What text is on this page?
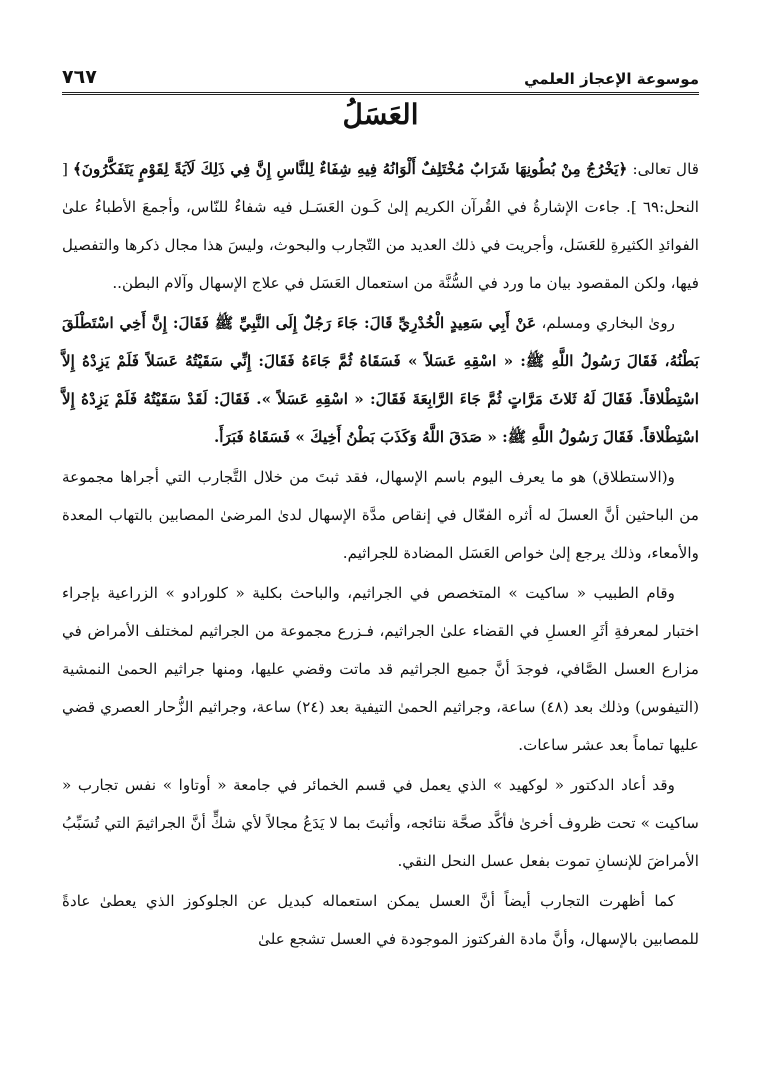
موسوعة الإعجاز العلمي
٧٦٧
العَسَلُ

قال تعالى: ﴿يَخْرُجُ مِنْ بُطُونِهَا شَرَابٌ مُخْتَلِفٌ أَلْوَانُهُ فِيهِ شِفَاءٌ لِلنَّاسِ إِنَّ فِي ذَلِكَ لَآيَةً لِقَوْمٍ يَتَفَكَّرُونَ﴾ [ النحل:٦٩ ]. جاءت الإشارةُ في القُرآن الكريم إلىٰ كَـون العَسَـل فيه شفاءٌ للنّاس، وأجمعَ الأطباءُ علىٰ الفوائدِ الكثيرةِ للعَسَل، وأجريت في ذلك العديد من التّجارب والبحوث، وليسَ هذا مجال ذكرها والتفصيل فيها، ولكن المقصود بيان ما ورد في السُّنَّة من استعمال العَسَل في علاج الإسهال وآلام البطن..

رویٰ البخاري ومسلم، عَنْ أَبِي سَعِيدٍ الْخُدْرِيِّ قَالَ: جَاءَ رَجُلٌ إِلَى النَّبِيِّ ﷺ فَقَالَ: إِنَّ أَخِي اسْتَطْلَقَ بَطْنُهُ، فَقَالَ رَسُولُ اللَّهِ ﷺ: « اسْقِهِ عَسَلاً » فَسَقَاهُ ثُمَّ جَاءَهُ فَقَالَ: إِنِّي سَقَيْتُهُ عَسَلاً فَلَمْ يَزِدْهُ إِلاَّ اسْتِطْلاقاً. فَقَالَ لَهُ ثَلاثَ مَرَّاتٍ ثُمَّ جَاءَ الرَّابِعَةَ فَقَالَ: « اسْقِهِ عَسَلاً ». فَقَالَ: لَقَدْ سَقَيْتُهُ فَلَمْ يَزِدْهُ إِلاَّ اسْتِطْلاقاً. فَقَالَ رَسُولُ اللَّهِ ﷺ: « صَدَقَ اللَّهُ وَكَذَبَ بَطْنُ أَخِيكَ » فَسَقَاهُ فَبَرَأَ.

و(الاستطلاق) هو ما يعرف اليوم باسم الإسهال، فقد ثبتَ من خلال التَّجارب التي أجراها مجموعة من الباحثين أنَّ العسلَ له أثره الفعّال في إنقاص مدَّة الإسهال لدىٰ المرضىٰ المصابين بالتهاب المعدة والأمعاء، وذلك يرجع إلىٰ خواص العَسَل المضادة للجراثيم.

وقام الطبيب « ساكيت » المتخصص في الجراثيم، والباحث بكلية « كلورادو » الزراعية بإجراء اختبار لمعرفةِ أثَرِ العسلِ في القضاء علىٰ الجراثيم، فـزرع مجموعة من الجراثيم لمختلف الأمراض في مزارع العسل الصَّافي، فوجدَ أنَّ جميع الجراثيم قد ماتت وقضي عليها، ومنها جراثيم الحمىٰ النمشية (التيفوس) وذلك بعد (٤٨) ساعة، وجراثيم الحمىٰ التيفية بعد (٢٤) ساعة، وجراثيم الزُّحار العصري قضي عليها تماماً بعد عشر ساعات.

وقد أعاد الدكتور « لوكهيد » الذي يعمل في قسم الخمائر في جامعة « أوتاوا » نفس تجارب « ساكيت » تحت ظروف أخرىٰ فأكَّد صحَّة نتائجه، وأثبتَ بما لا يَدَعُ مجالاً لأي شكٍّ أنَّ الجراثيمَ التي تُسَبِّبُ الأمراضَ للإنسانِ تموت بفعل عسل النحل النقي.

كما أظهرت التجارب أيضاً أنَّ العسل يمكن استعماله كبديل عن الجلوكوز الذي يعطىٰ عادةً للمصابين بالإسهال، وأنَّ مادة الفركتوز الموجودة في العسل تشجع علىٰ
